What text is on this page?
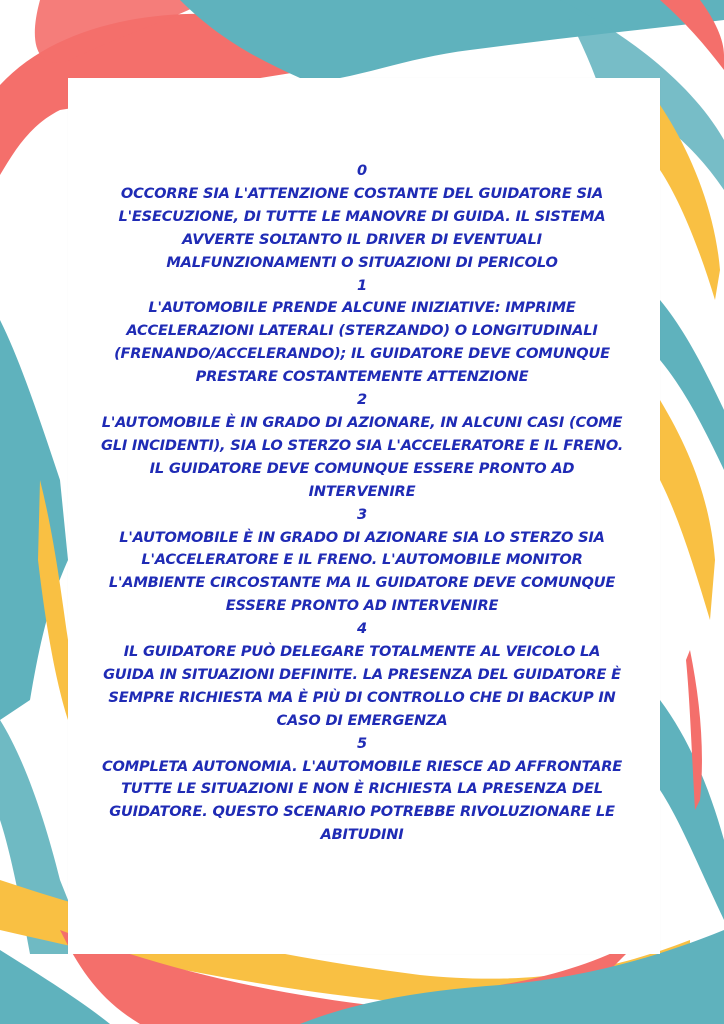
0
OCCORRE SIA L'ATTENZIONE COSTANTE DEL GUIDATORE SIA L'ESECUZIONE, DI TUTTE LE MANOVRE DI GUIDA. IL SISTEMA AVVERTE SOLTANTO IL DRIVER DI EVENTUALI MALFUNZIONAMENTI O SITUAZIONI DI PERICOLO
1
L'AUTOMOBILE PRENDE ALCUNE INIZIATIVE: IMPRIME ACCELERAZIONI LATERALI (STERZANDO) O LONGITUDINALI (FRENANDO/ACCELERANDO); IL GUIDATORE DEVE COMUNQUE PRESTARE COSTANTEMENTE ATTENZIONE
2
L'AUTOMOBILE È IN GRADO DI AZIONARE, IN ALCUNI CASI (COME GLI INCIDENTI), SIA LO STERZO SIA L'ACCELERATORE E IL FRENO. IL GUIDATORE DEVE COMUNQUE ESSERE PRONTO AD INTERVENIRE
3
L'AUTOMOBILE È IN GRADO DI AZIONARE SIA LO STERZO SIA L'ACCELERATORE E IL FRENO. L'AUTOMOBILE MONITOR L'AMBIENTE CIRCOSTANTE MA IL GUIDATORE DEVE COMUNQUE ESSERE PRONTO AD INTERVENIRE
4
IL GUIDATORE PUÒ DELEGARE TOTALMENTE AL VEICOLO LA GUIDA IN SITUAZIONI DEFINITE. LA PRESENZA DEL GUIDATORE È SEMPRE RICHIESTA MA È PIÙ DI CONTROLLO CHE DI BACKUP IN CASO DI EMERGENZA
5
COMPLETA AUTONOMIA. L'AUTOMOBILE RIESCE AD AFFRONTARE TUTTE LE SITUAZIONI E NON È RICHIESTA LA PRESENZA DEL GUIDATORE. QUESTO SCENARIO POTREBBE RIVOLUZIONARE LE ABITUDINI
